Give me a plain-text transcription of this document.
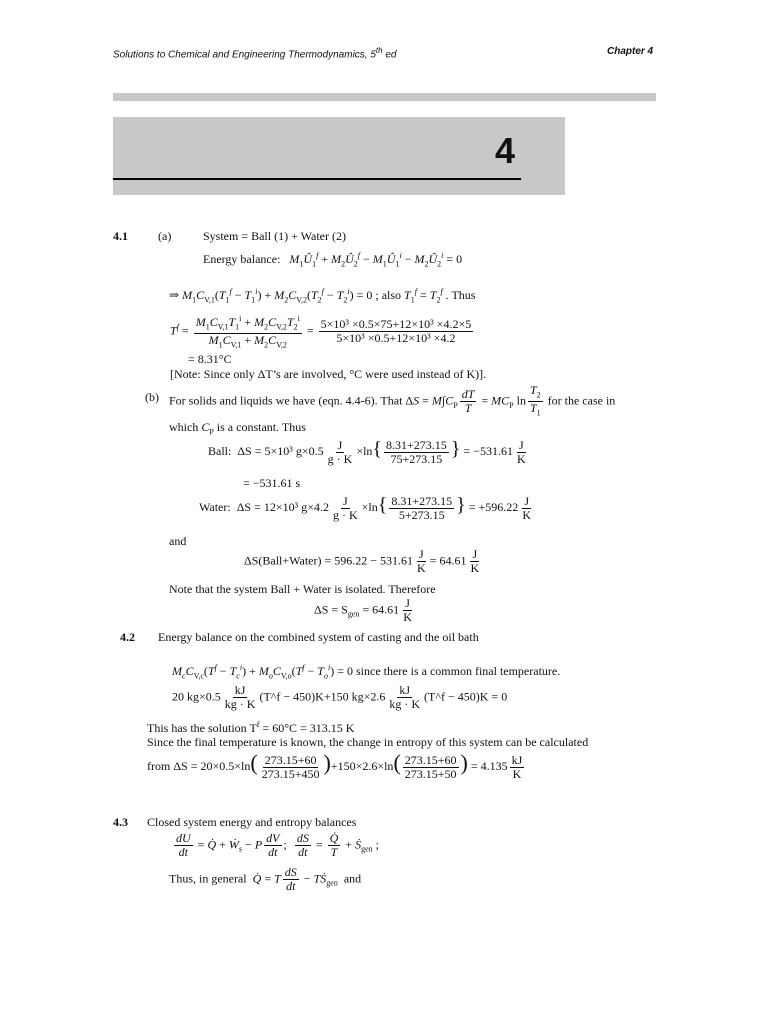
Solutions to Chemical and Engineering Thermodynamics, 5th ed	Chapter 4
4
4.1	(a)	System = Ball (1) + Water (2)
Energy balance: $M_1Û_1^f$ + $M_2Û_2^f$ − $M_1Û_1^i$ − $M_2Û_2^i = 0$
⇒ $M_1C_{V,1}(T_1^f - T_1^i) + M_2C_{V,2}(T_2^f - T_2^i) = 0$ ; also $T_1^f = T_2^f$ . Thus
$T^f = \frac{M_1C_{V,1}T_1^i + M_2C_{V,2}T_2^i}{M_1C_{V,1} + M_2C_{V,2}} = \frac{\text{5×10³ ×0.5×75+12×10³ ×4.2×5}}{\text{5×10³ ×0.5+12×10³ ×4.2}}$
= 8.31°C
[Note: Since only ΔT’s are involved, °C were used instead of K)].
(b) For solids and liquids we have (eqn. 4.4-6). That $\Delta S = M\int C_P \frac{dT}{T} = MC_P$ $\ln \frac{T_2}{T_1}$ for the case in
which $C_P$ is a constant. Thus
Ball: ΔS = 5×10³ $g\times 0.5 \frac{J}{g \cdot K} \times\ln\{ \frac{8.31+273.15}{75+273.15}$ } = $-531.61 \frac{J}{K}$
= −531.61 s
Water: ΔS = 12×10³ $g\times 4.2 \frac{J}{g \cdot K} \times\ln\{ \frac{8.31+273.15}{5+273.15}$ } = $+596.22 \frac{J}{K}$
and
ΔS(Ball+Water) = $596.22 - 531.61 \frac{J}{K} = 64.61 \frac{J}{K}$
Note that the system Ball + Water is isolated. Therefore
$\Delta S = S_{gen} = 64.61 \frac{J}{K}$
4.2 Energy balance on the combined system of casting and the oil bath
$M_cC_{V,c}(T^f - T_c^i) + M_oC_{V,o}(T^f - T_o^i) = 0$ since there is a common final temperature.
20 $kg\times 0.5 \frac{kJ}{kg \cdot K}$ (T^f − 450)K+150 $kg\times 2.6 \frac{kJ}{kg \cdot K}$ (T^f − 450)K = 0
This has the solution $T^f = 60^\circ C = 313.15$ K
Since the final temperature is known, the change in entropy of this system can be calculated
from $\Delta S = 20\times 0.5\times\ln( \frac{273.15+60}{273.15+450} )+150\times 2.6\times\ln( \frac{273.15+60}{273.15+50}$ ) = $4.135 \frac{kJ}{K}$
4.3 Closed system energy and entropy balances
$\frac{dU}{dt}$ = Q̇ + Ẇ$_s$ − P $\frac{dV}{dt}$ ; $\frac{dS}{dt} = \frac{Q̇}{T}$ + Ṡ$_{gen}$ ;
Thus, in general Q̇ = T $\frac{dS}{dt}$ − TṠ$_{gen}$ and
